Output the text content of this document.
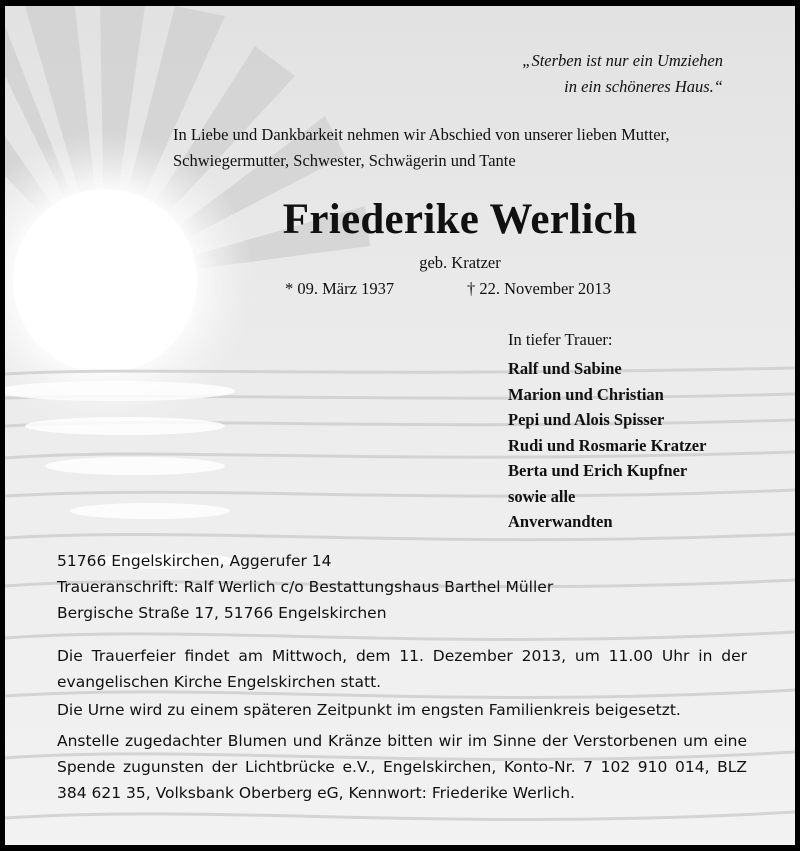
„Sterben ist nur ein Umziehen
in ein schöneres Haus.“
In Liebe und Dankbarkeit nehmen wir Abschied von unserer lieben Mutter,
Schwiegermutter, Schwester, Schwägerin und Tante
Friederike Werlich
geb. Kratzer
* 09. März 1937	† 22. November 2013
In tiefer Trauer:
Ralf und Sabine
Marion und Christian
Pepi und Alois Spisser
Rudi und Rosmarie Kratzer
Berta und Erich Kupfner
sowie alle
Anverwandten
51766 Engelskirchen, Aggerufer 14
Traueranschrift: Ralf Werlich c/o Bestattungshaus Barthel Müller
Bergische Straße 17, 51766 Engelskirchen

Die Trauerfeier findet am Mittwoch, dem 11. Dezember 2013, um 11.00 Uhr in der evangelischen Kirche Engelskirchen statt.

Die Urne wird zu einem späteren Zeitpunkt im engsten Familienkreis beigesetzt.

Anstelle zugedachter Blumen und Kränze bitten wir im Sinne der Verstorbenen um eine Spende zugunsten der Lichtbrücke e.V., Engelskirchen, Konto-Nr. 7 102 910 014, BLZ 384 621 35, Volksbank Oberberg eG, Kennwort: Friederike Werlich.
